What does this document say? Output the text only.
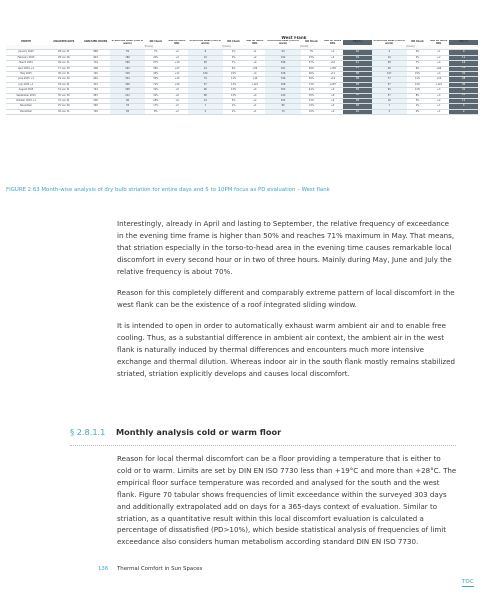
			West Flank													
MONTH	ANALYZED DAYS	ANALYZED HOURS	STRIATION Meas (cold or warm)	DD Check	add on hours DDL	STRIATION Meas (cold or warm)	DD Check	add on hours DDL	STRIATION Meas (cold or warm)	DD Check	add on hours DDL	PD(%)	STRIATION Meas (cold or warm)	DD Check	add on hours DDL	PD(%)
			[hours]			[hours]			[hours]				[hours]			
January 2015	28 von 31	868	59	7%	+2	8	1%	+1	64	7%	+3	16	4	0%	+1	0
February 2015	28 von 28	824	186	22%	+4	19	2%	+2	192	23%	+4	39	19	2%	+2	11
March 2015	30 von 31	719	396	57%	+10	48	7%	+4	398	57%	+10	41	48	7%	+4	16
April 2015 +1	17 von 30	408	162	39%	+27	24	6%	+50	167	40%	+138	41	28	6%	+60	16
May 2015	30 von 31	720	318	44%	+11	109	15%	+4	328	46%	+11	38	107	15%	+4	32
June 2015 +1	29 von 30	692	344	50%	+14	79	11%	+10	346	50%	+14	38	77	11%	+10	28
July 2015 +1	18 von 31	432	306	71%	+20	57	13%	+122	308	71%	+207	38	57	13%	+122	30
August 2015	31 von 31	744	308	41%	+9	96	13%	+4	303	41%	+9	38	95	13%	+4	32
September 2015	30 von 30	687	222	32%	+8	88	13%	+4	240	35%	+8	38	57	8%	+4	28
October 2015 +1	31 von 31	500	98	18%	+6	14	3%	+2	105	21%	+6	38	16	3%	+2	11
November	25 von 30	565	78	17%	+5	7	1%	+1	80	14%	+5	38	7	1%	+1	4
December	30 von 31	720	58	8%	+2	5	1%	+1	70	10%	+2	16	3	0%	+1	2
FIGURE 2.63 Month-wise analysis of dry bulb striation for entire days and 5 to 10PM focus as PD evaluation – West flank

Interestingly, already in April and lasting to September, the relative frequency of exceedance in the evening time frame is higher than 50% and reaches 71% maximum in May. That means, that striation especially in the torso-to-head area in the evening time causes remarkable local discomfort in every second hour or in two of three hours. Mainly during May, June and July the relative frequency is about 70%.

Reason for this completely different and comparably extreme pattern of local discomfort in the west flank can be the existence of a roof integrated sliding window.

It is intended to open in order to automatically exhaust warm ambient air and to enable free cooling. Thus, as a substantial difference in ambient air context, the ambient air in the west flank is naturally induced by thermal differences and encounters much more intensive exchange and thermal dilution. Whereas indoor air in the south flank mostly remains stabilized striated, striation explicitly develops and causes local discomfort.

§ 2.8.1.1 Monthly analysis cold or warm floor

Reason for local thermal discomfort can be a floor providing a temperature that is either to cold or to warm. Limits are set by DIN EN ISO 7730 less than +19°C and more than +28°C. The empirical floor surface temperature was recorded and analysed for the south and the west flank. Figure 70 tabular shows frequencies of limit exceedance within the surveyed 303 days and additionally extrapolated add on days for a 365-days context of evaluation. Similar to striation, as a quantitative result within this local discomfort evaluation is calculated a percentage of dissatisfied (PD>10%), which beside statistical analysis of frequencies of limit exceedance also considers human metabolism according standard DIN EN ISO 7730.

136 Thermal Comfort in Sun Spaces
TOC
